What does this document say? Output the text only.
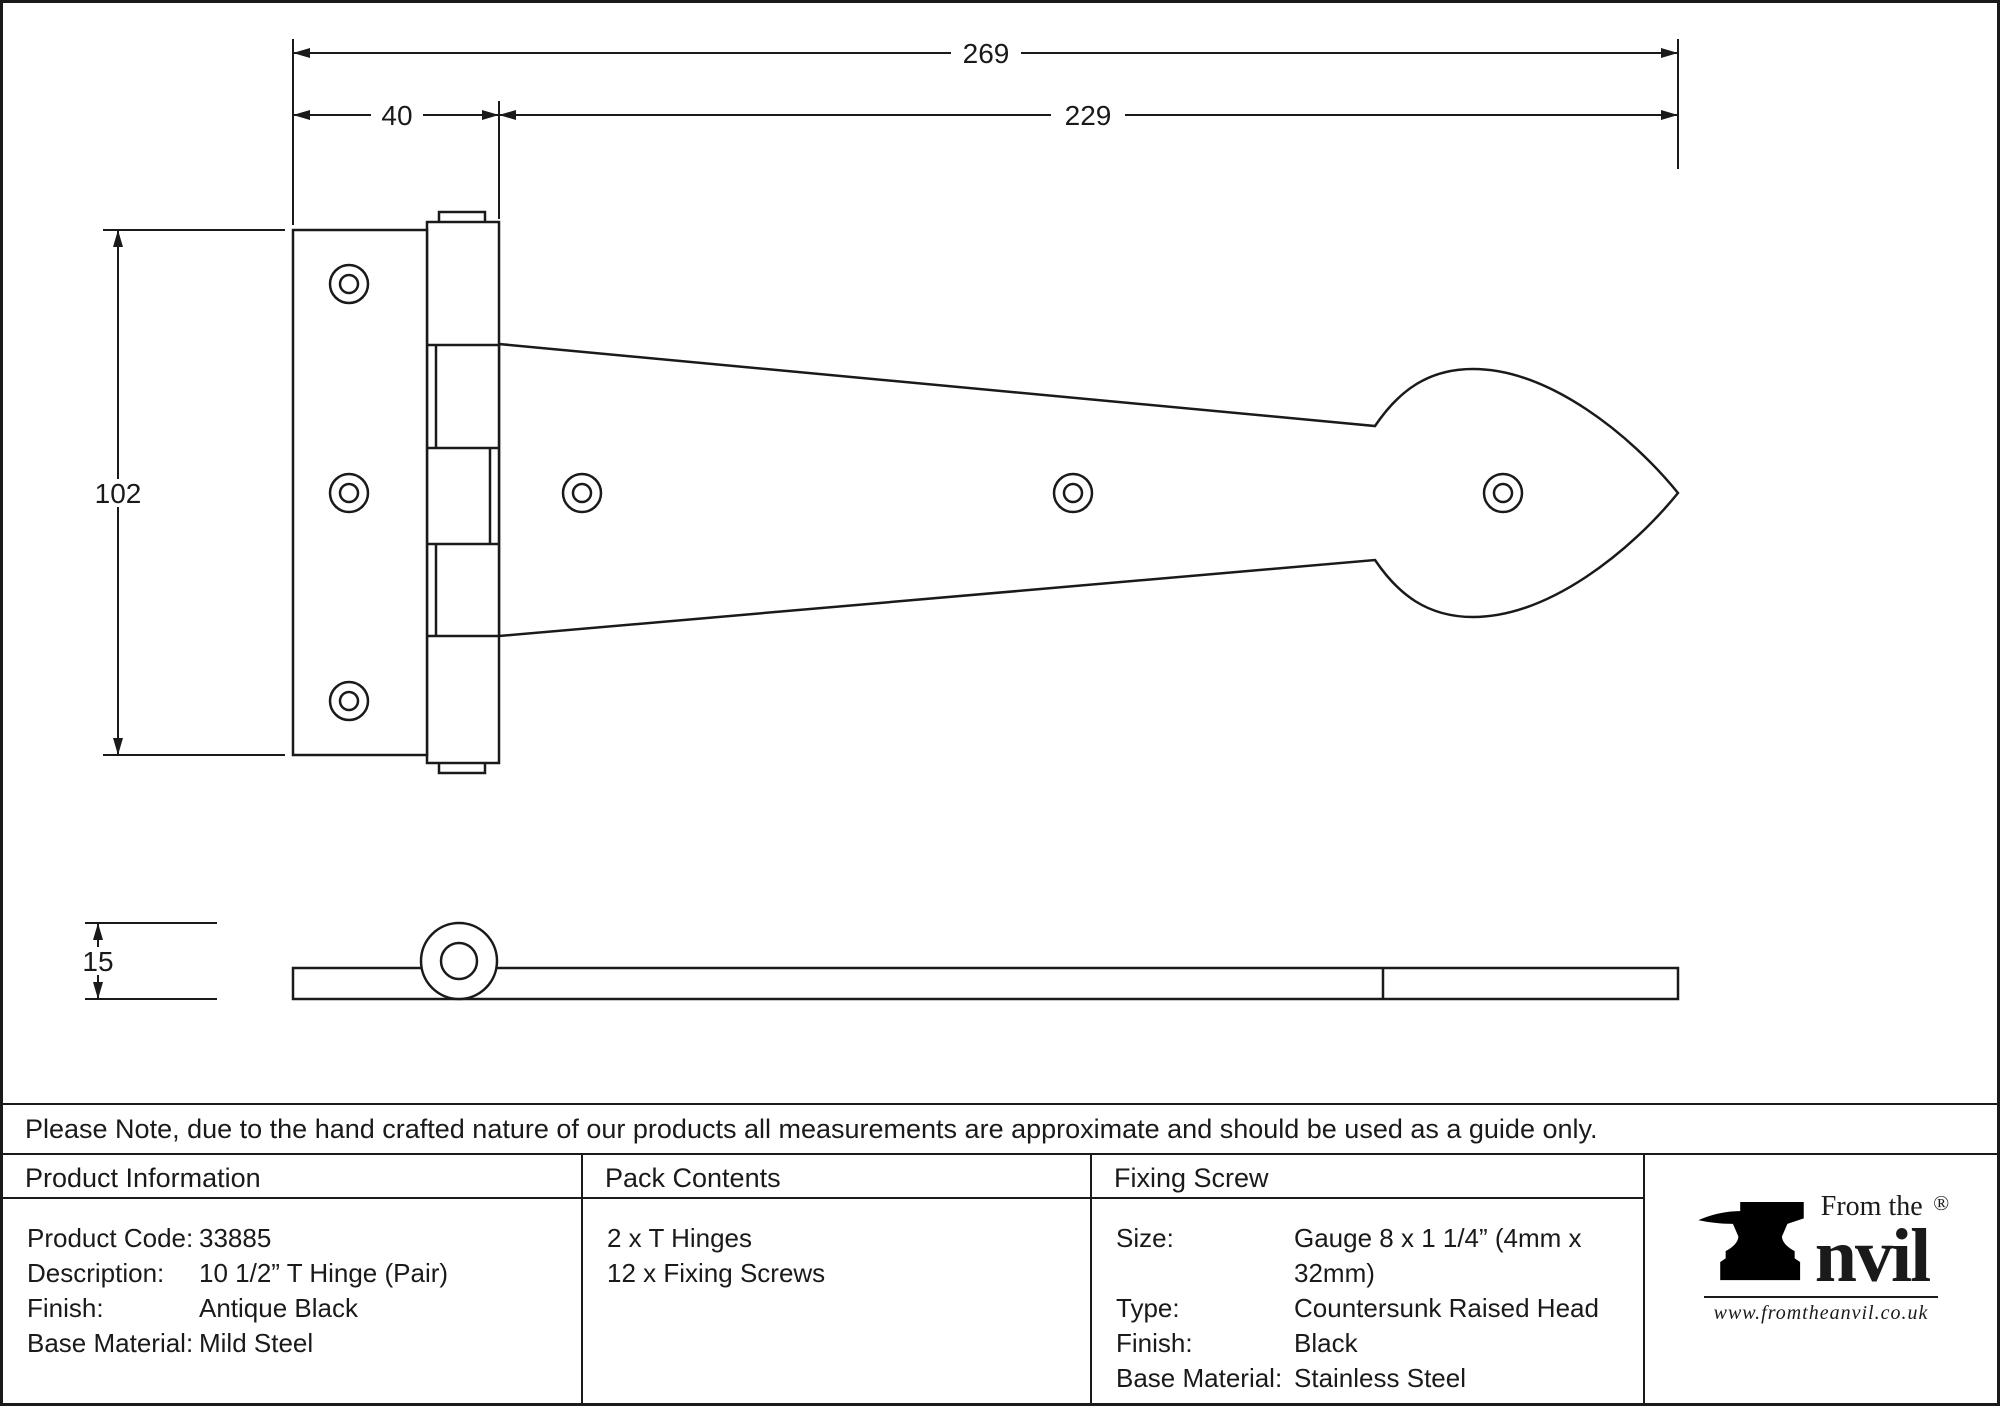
269
40	229
102
15
Please Note, due to the hand crafted nature of our products all measurements are approximate and should be used as a guide only.
Product Information	Pack Contents	Fixing Screw
Product Code: 33885
Description:	10 1/2” T Hinge (Pair)
Finish:	Antique Black
Base Material: Mild Steel
2 x T Hinges
12 x Fixing Screws
Size:	Gauge 8 x 1 1/4” (4mm x 32mm)
Type:	Countersunk Raised Head
Finish:	Black
Base Material: Stainless Steel
From the
nvil
®
www.fromtheanvil.co.uk
